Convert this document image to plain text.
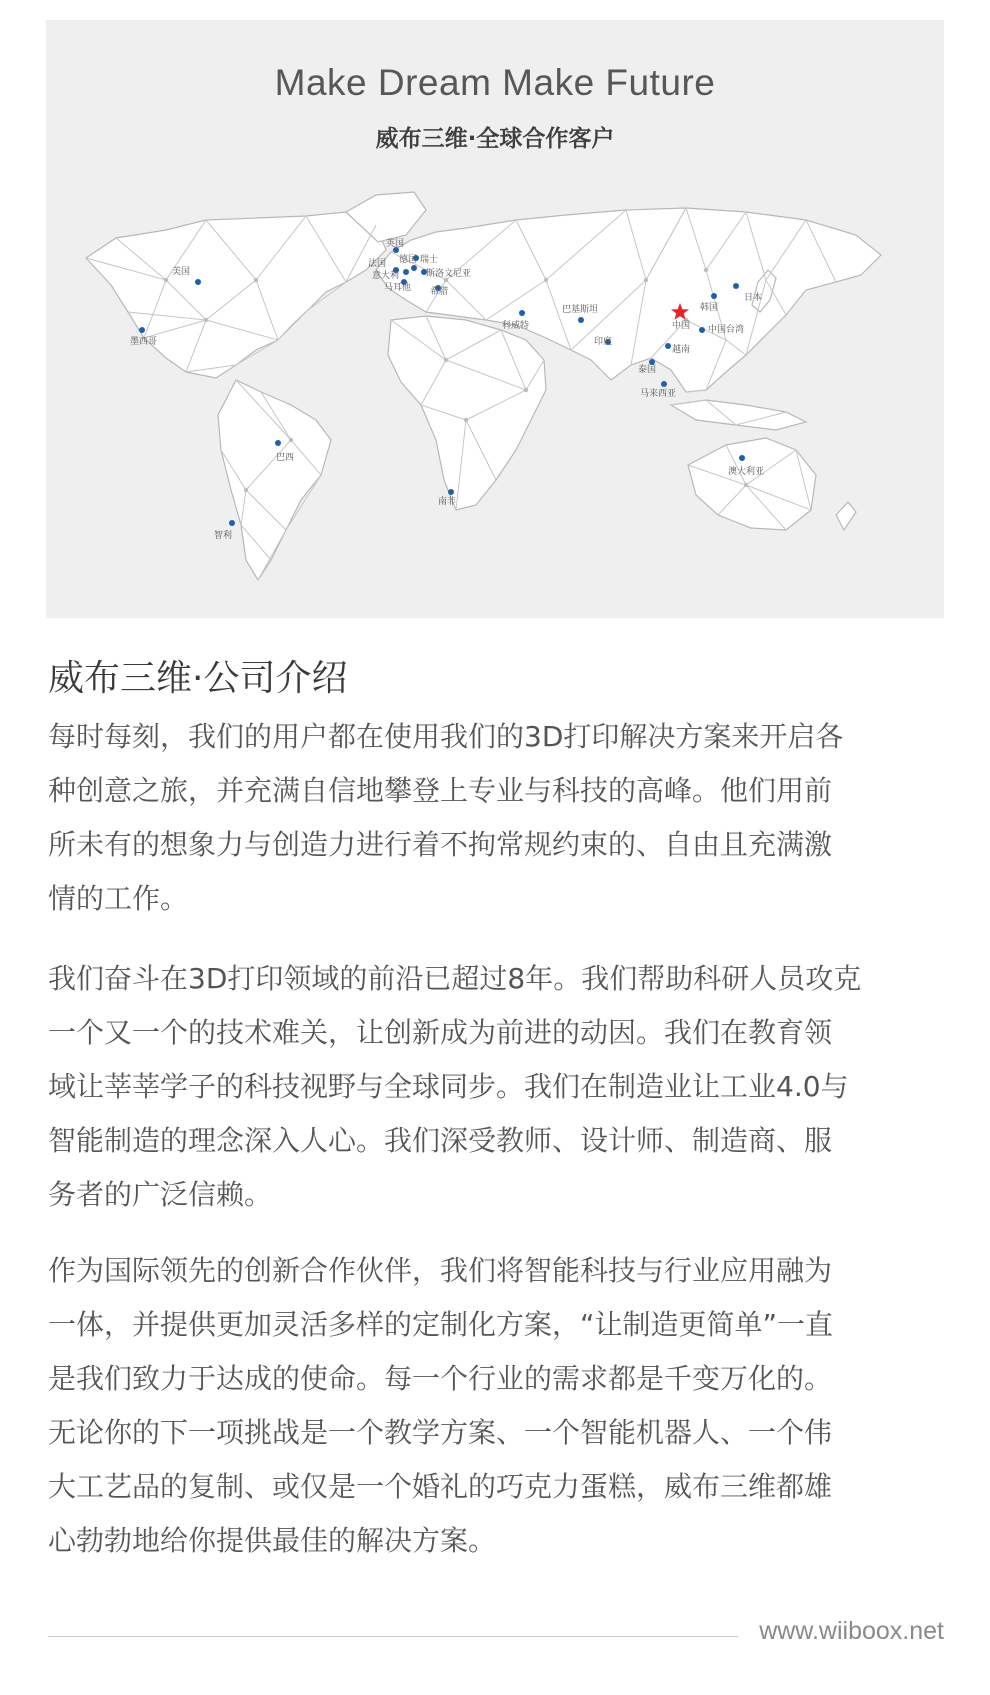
英国
法国 德国 瑞士
意大利	斯洛文尼亚
马耳他 希腊
美国
墨西哥
巴西
智利
南非
科威特
巴基斯坦
印度
中国
韩国
日本
中国台湾
越南
泰国
马来西亚
澳大利亚
Make Dream Make Future
威布三维·全球合作客户
威布三维·公司介绍

每时每刻，我们的用户都在使用我们的3D打印解决方案来开启各
种创意之旅，并充满自信地攀登上专业与科技的高峰。他们用前
所未有的想象力与创造力进行着不拘常规约束的、自由且充满激
情的工作。

我们奋斗在3D打印领域的前沿已超过8年。我们帮助科研人员攻克
一个又一个的技术难关，让创新成为前进的动因。我们在教育领
域让莘莘学子的科技视野与全球同步。我们在制造业让工业4.0与
智能制造的理念深入人心。我们深受教师、设计师、制造商、服
务者的广泛信赖。

作为国际领先的创新合作伙伴，我们将智能科技与行业应用融为
一体，并提供更加灵活多样的定制化方案，“让制造更简单”一直
是我们致力于达成的使命。每一个行业的需求都是千变万化的。
无论你的下一项挑战是一个教学方案、一个智能机器人、一个伟
大工艺品的复制、或仅是一个婚礼的巧克力蛋糕，威布三维都雄
心勃勃地给你提供最佳的解决方案。

www.wiiboox.net
